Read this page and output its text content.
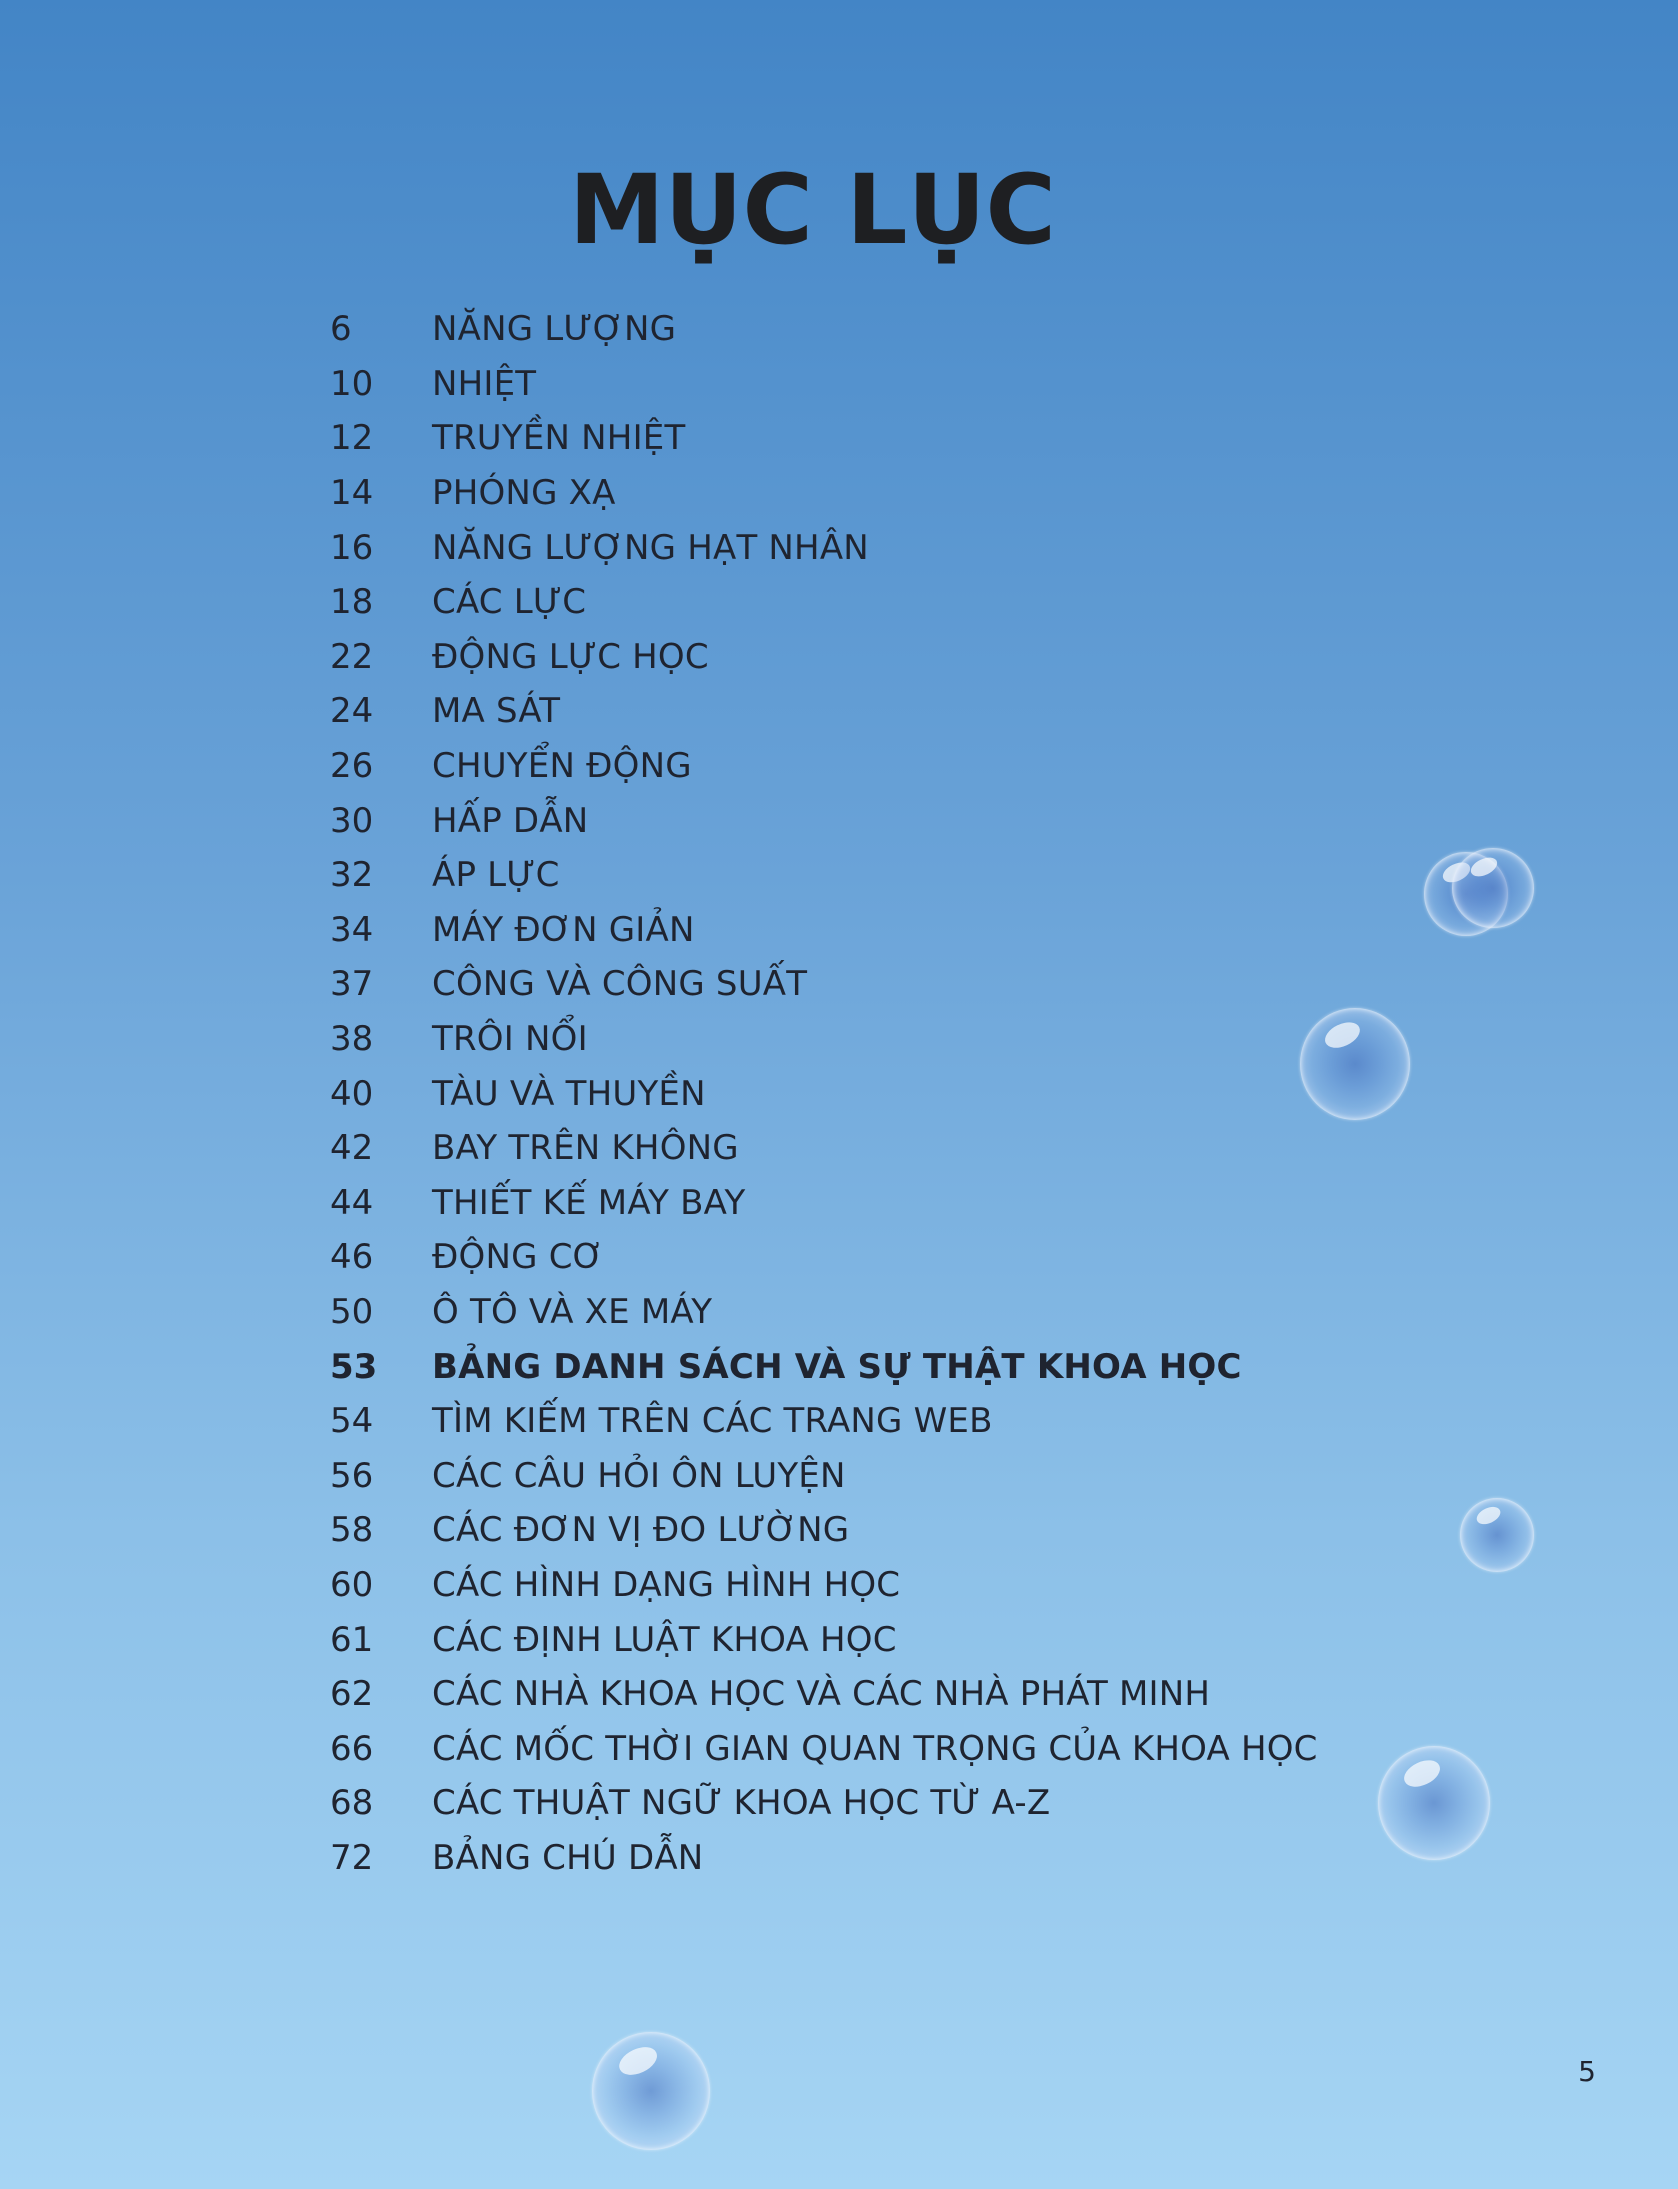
MỤC LỤC
6	NĂNG LƯỢNG
10	NHIỆT
12	TRUYỀN NHIỆT
14	PHÓNG XẠ
16	NĂNG LƯỢNG HẠT NHÂN
18	CÁC LỰC
22	ĐỘNG LỰC HỌC
24	MA SÁT
26	CHUYỂN ĐỘNG
30	HẤP DẪN
32	ÁP LỰC
34	MÁY ĐƠN GIẢN
37	CÔNG VÀ CÔNG SUẤT
38	TRÔI NỔI
40	TÀU VÀ THUYỀN
42	BAY TRÊN KHÔNG
44	THIẾT KẾ MÁY BAY
46	ĐỘNG CƠ
50	Ô TÔ VÀ XE MÁY
53	BẢNG DANH SÁCH VÀ SỰ THẬT KHOA HỌC
54	TÌM KIẾM TRÊN CÁC TRANG WEB
56	CÁC CÂU HỎI ÔN LUYỆN
58	CÁC ĐƠN VỊ ĐO LƯỜNG
60	CÁC HÌNH DẠNG HÌNH HỌC
61	CÁC ĐỊNH LUẬT KHOA HỌC
62	CÁC NHÀ KHOA HỌC VÀ CÁC NHÀ PHÁT MINH
66	CÁC MỐC THỜI GIAN QUAN TRỌNG CỦA KHOA HỌC
68	CÁC THUẬT NGỮ KHOA HỌC TỪ A-Z
72	BẢNG CHÚ DẪN
5
